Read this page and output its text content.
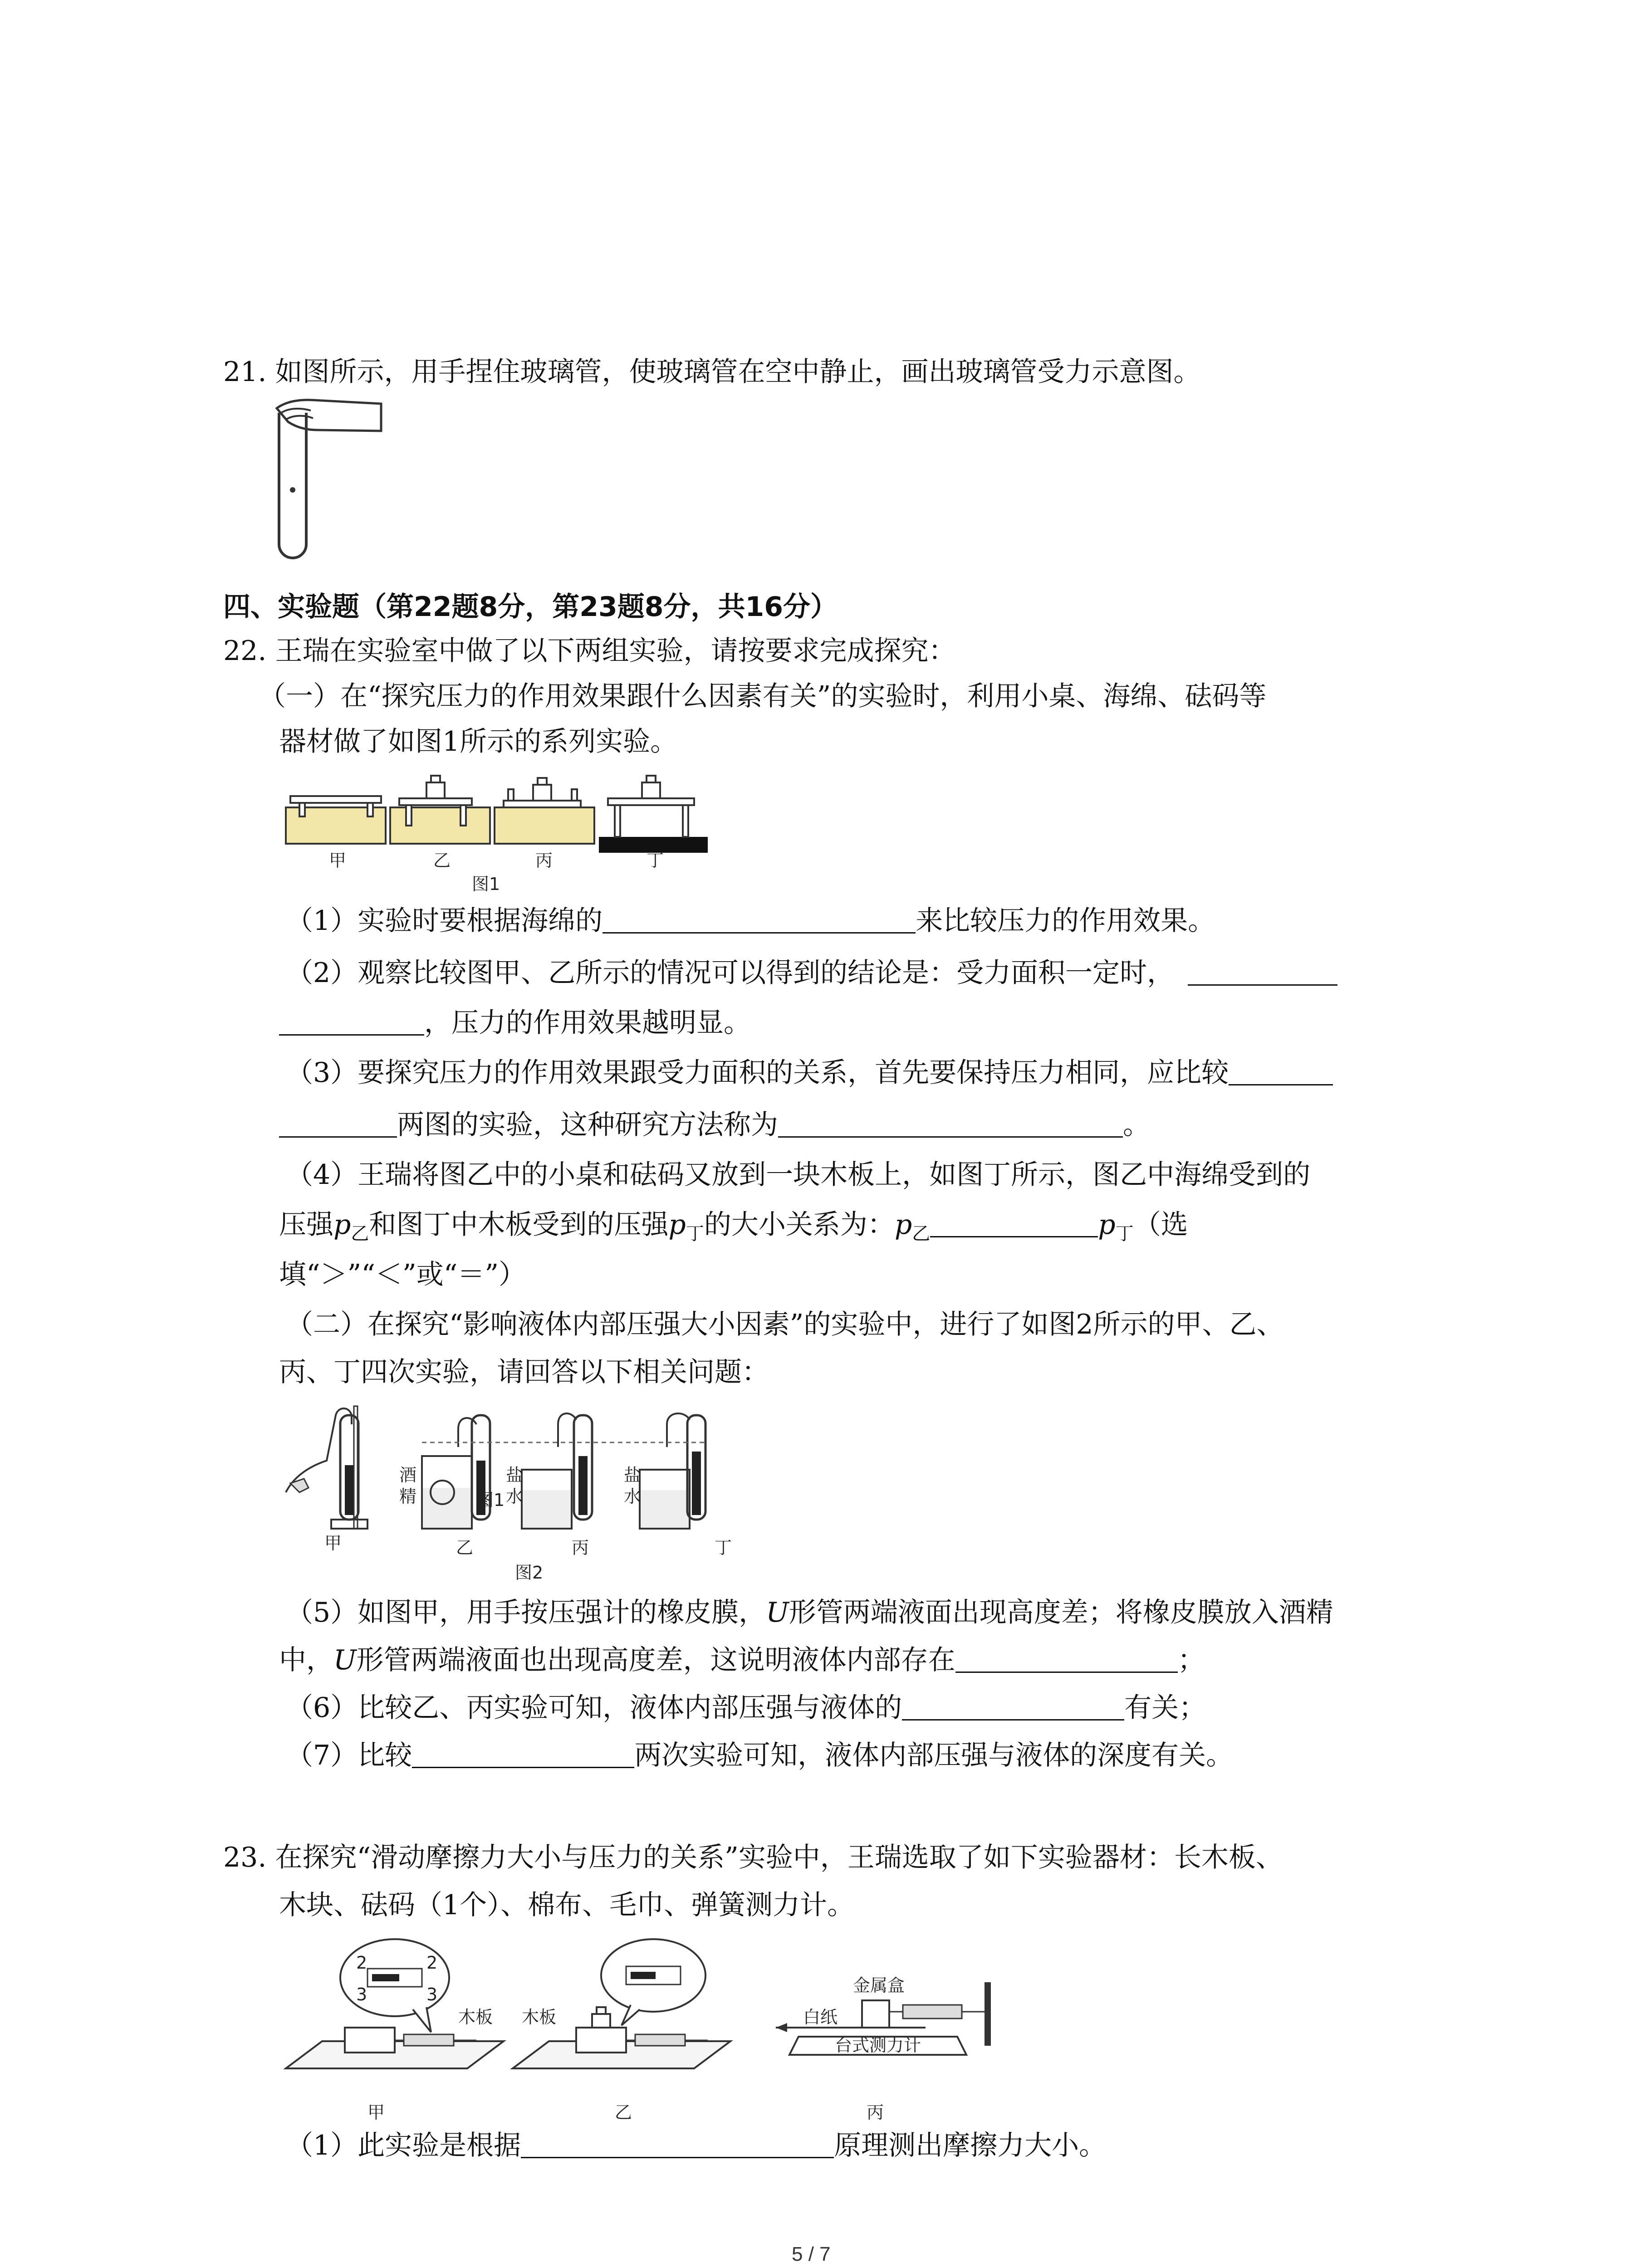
21. 如图所示，用手捏住玻璃管，使玻璃管在空中静止，画出玻璃管受力示意图。
四、实验题（第22题8分，第23题8分，共16分）
22. 王瑞在实验室中做了以下两组实验，请按要求完成探究：
（一）在“探究压力的作用效果跟什么因素有关”的实验时，利用小桌、海绵、砝码等
器材做了如图1所示的系列实验。
甲	乙	丙	丁
图1
（1）实验时要根据海绵的	来比较压力的作用效果。
（2）观察比较图甲、乙所示的情况可以得到的结论是：受力面积一定时，
，压力的作用效果越明显。
（3）要探究压力的作用效果跟受力面积的关系，首先要保持压力相同，应比较
两图的实验，这种研究方法称为	。
（4）王瑞将图乙中的小桌和砝码又放到一块木板上，如图丁所示，图乙中海绵受到的
压强$p_乙$和图丁中木板受到的压强$p_丁$的大小关系为：$p_乙$	$p_丁$（选
填“＞”“＜”或“＝”）
（二）在探究“影响液体内部压强大小因素”的实验中，进行了如图2所示的甲、乙、
丙、丁四次实验，请回答以下相关问题：
酒
精
盐
水
盐
水
图1
甲	乙	丙	丁
图2
（5）如图甲，用手按压强计的橡皮膜，U形管两端液面出现高度差；将橡皮膜放入酒精
中，U形管两端液面也出现高度差，这说明液体内部存在	；
（6）比较乙、丙实验可知，液体内部压强与液体的	有关；
（7）比较	两次实验可知，液体内部压强与液体的深度有关。
23. 在探究“滑动摩擦力大小与压力的关系”实验中，王瑞选取了如下实验器材：长木板、
木块、砝码（1个）、棉布、毛巾、弹簧测力计。
2
3
2
3
木板
甲
木板
乙
金属盒
白纸
台式测力计
丙
（1）此实验是根据	原理测出摩擦力大小。
5 / 7
